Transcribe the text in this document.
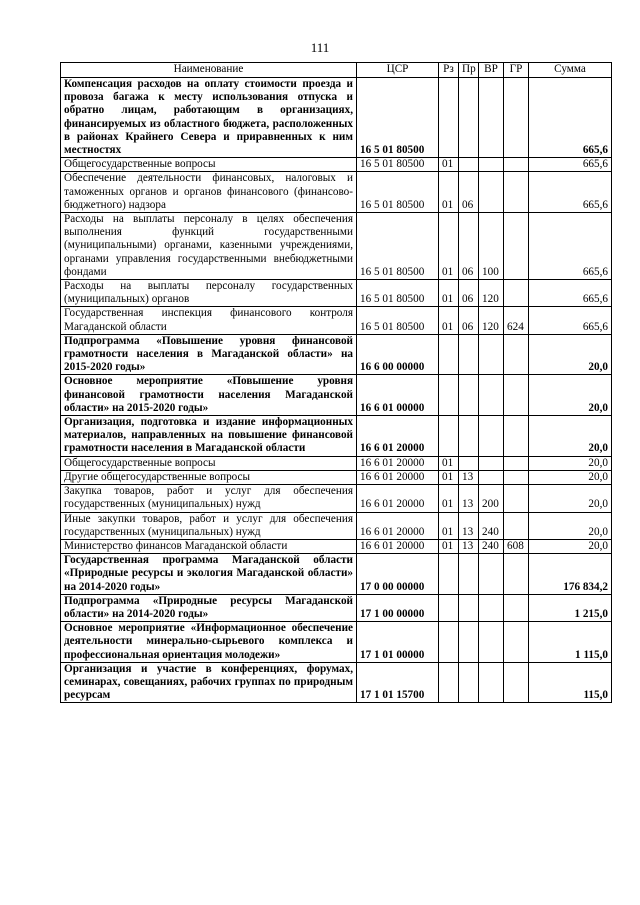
111
Наименование	ЦСР	Рз	Пр	ВР	ГР	Сумма
Компенсация расходов на оплату стоимости проезда и провоза багажа к месту использования отпуска и обратно лицам, работающим в организациях, финансируемых из областного бюджета, расположенных в районах Крайнего Севера и приравненных к ним местностях	16 5 01 80500					665,6
Общегосударственные вопросы	16 5 01 80500	01				665,6
Обеспечение деятельности финансовых, налоговых и таможенных органов и органов финансового (финансово-бюджетного) надзора	16 5 01 80500	01	06			665,6
Расходы на выплаты персоналу в целях обеспечения выполнения функций государственными (муниципальными) органами, казенными учреждениями, органами управления государственными внебюджетными фондами	16 5 01 80500	01	06	100		665,6
Расходы на выплаты персоналу государственных (муниципальных) органов	16 5 01 80500	01	06	120		665,6
Государственная инспекция финансового контроля Магаданской области	16 5 01 80500	01	06	120	624	665,6
Подпрограмма «Повышение уровня финансовой грамотности населения в Магаданской области» на 2015-2020 годы»	16 6 00 00000					20,0
Основное мероприятие «Повышение уровня финансовой грамотности населения Магаданской области» на 2015-2020 годы»	16 6 01 00000					20,0
Организация, подготовка и издание информационных материалов, направленных на повышение финансовой грамотности населения в Магаданской области	16 6 01 20000					20,0
Общегосударственные вопросы	16 6 01 20000	01				20,0
Другие общегосударственные вопросы	16 6 01 20000	01	13			20,0
Закупка товаров, работ и услуг для обеспечения государственных (муниципальных) нужд	16 6 01 20000	01	13	200		20,0
Иные закупки товаров, работ и услуг для обеспечения государственных (муниципальных) нужд	16 6 01 20000	01	13	240		20,0
Министерство финансов Магаданской области	16 6 01 20000	01	13	240	608	20,0
Государственная программа Магаданской области «Природные ресурсы и экология Магаданской области» на 2014-2020 годы»	17 0 00 00000					176 834,2
Подпрограмма «Природные ресурсы Магаданской области» на 2014-2020 годы»	17 1 00 00000					1 215,0
Основное мероприятие «Информационное обеспечение деятельности минерально-сырьевого комплекса и профессиональная ориентация молодежи»	17 1 01 00000					1 115,0
Организация и участие в конференциях, форумах, семинарах, совещаниях, рабочих группах по природным ресурсам	17 1 01 15700					115,0
